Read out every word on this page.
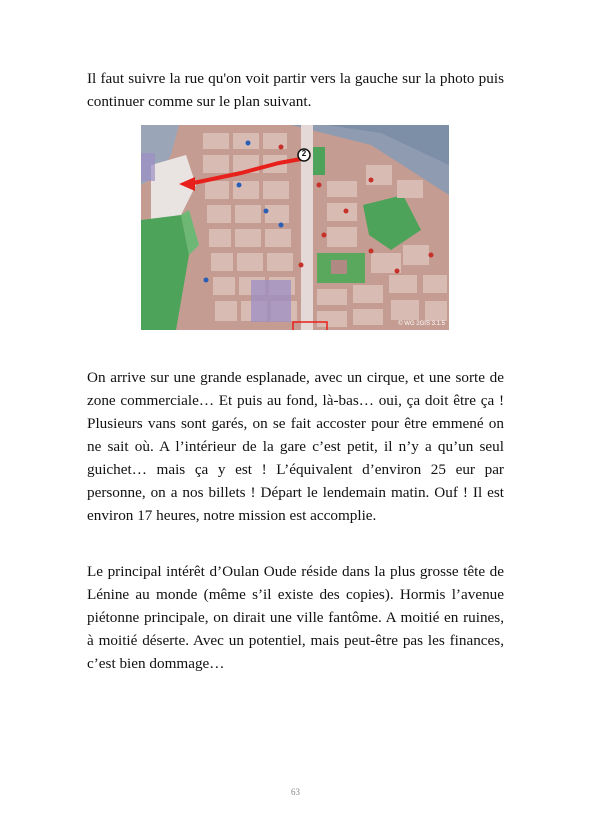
Il faut suivre la rue qu'on voit partir vers la gauche sur la photo puis continuer comme sur le plan suivant.

2
© WG 2GIS 3.1.5

On arrive sur une grande esplanade, avec un cirque, et une sorte de zone commerciale… Et puis au fond, là-bas… oui, ça doit être ça ! Plusieurs vans sont garés, on se fait accoster pour être emmené on ne sait où. A l’intérieur de la gare c’est petit, il n’y a qu’un seul guichet… mais ça y est ! L’équivalent d’environ 25 eur par personne, on a nos billets ! Départ le lendemain matin. Ouf ! Il est environ 17 heures, notre mission est accomplie.

Le principal intérêt d’Oulan Oude réside dans la plus grosse tête de Lénine au monde (même s’il existe des copies). Hormis l’avenue piétonne principale, on dirait une ville fantôme. A moitié en ruines, à moitié déserte. Avec un potentiel, mais peut-être pas les finances, c’est bien dommage…

63
